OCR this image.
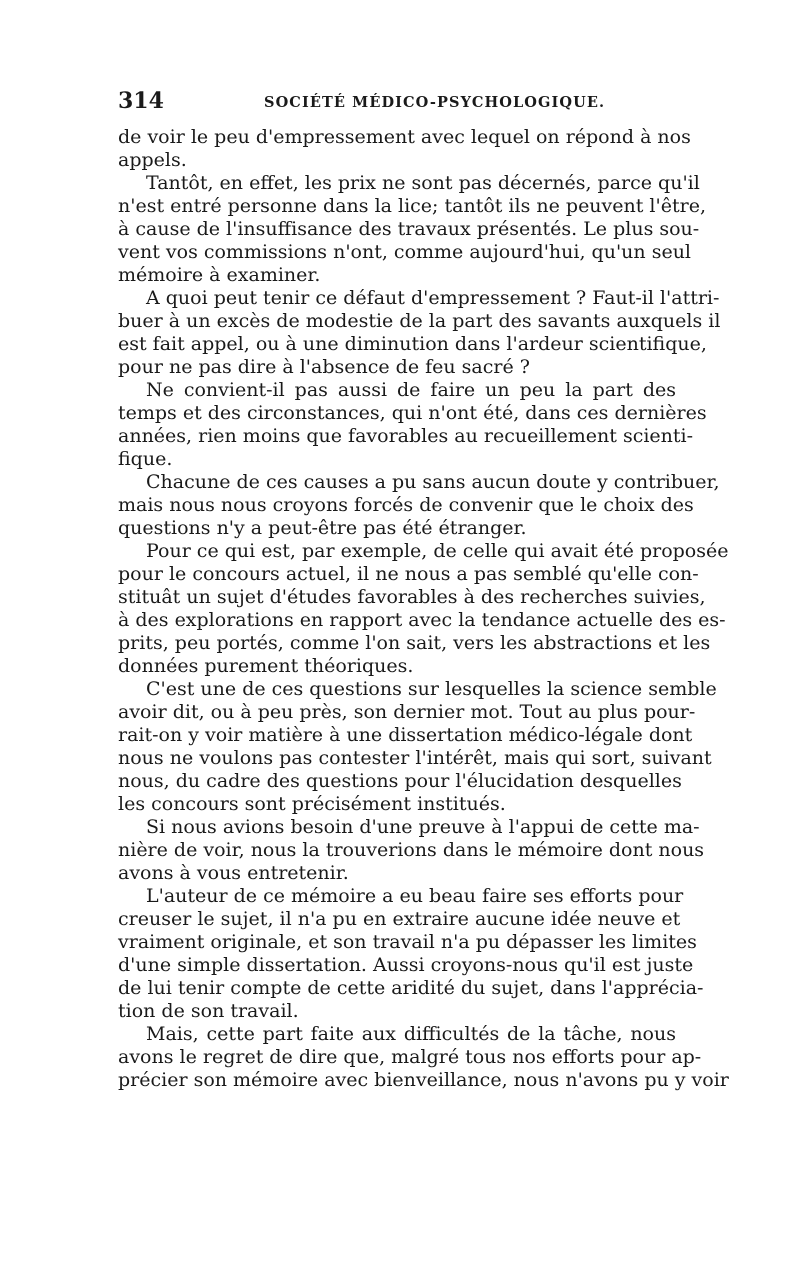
314	SOCIÉTÉ MÉDICO-PSYCHOLOGIQUE.
de voir le peu d'empressement avec lequel on répond à nos
appels.
Tantôt, en effet, les prix ne sont pas décernés, parce qu'il
n'est entré personne dans la lice; tantôt ils ne peuvent l'être,
à cause de l'insuffisance des travaux présentés. Le plus sou-
vent vos commissions n'ont, comme aujourd'hui, qu'un seul
mémoire à examiner.
A quoi peut tenir ce défaut d'empressement ? Faut-il l'attri-
buer à un excès de modestie de la part des savants auxquels il
est fait appel, ou à une diminution dans l'ardeur scientifique,
pour ne pas dire à l'absence de feu sacré ?
Ne convient-il pas aussi de faire un peu la part des
temps et des circonstances, qui n'ont été, dans ces dernières
années, rien moins que favorables au recueillement scienti-
fique.
Chacune de ces causes a pu sans aucun doute y contribuer,
mais nous nous croyons forcés de convenir que le choix des
questions n'y a peut-être pas été étranger.
Pour ce qui est, par exemple, de celle qui avait été proposée
pour le concours actuel, il ne nous a pas semblé qu'elle con-
stituât un sujet d'études favorables à des recherches suivies,
à des explorations en rapport avec la tendance actuelle des es-
prits, peu portés, comme l'on sait, vers les abstractions et les
données purement théoriques.
C'est une de ces questions sur lesquelles la science semble
avoir dit, ou à peu près, son dernier mot. Tout au plus pour-
rait-on y voir matière à une dissertation médico-légale dont
nous ne voulons pas contester l'intérêt, mais qui sort, suivant
nous, du cadre des questions pour l'élucidation desquelles
les concours sont précisément institués.
Si nous avions besoin d'une preuve à l'appui de cette ma-
nière de voir, nous la trouverions dans le mémoire dont nous
avons à vous entretenir.
L'auteur de ce mémoire a eu beau faire ses efforts pour
creuser le sujet, il n'a pu en extraire aucune idée neuve et
vraiment originale, et son travail n'a pu dépasser les limites
d'une simple dissertation. Aussi croyons-nous qu'il est juste
de lui tenir compte de cette aridité du sujet, dans l'apprécia-
tion de son travail.
Mais, cette part faite aux difficultés de la tâche, nous
avons le regret de dire que, malgré tous nos efforts pour ap-
précier son mémoire avec bienveillance, nous n'avons pu y voir
